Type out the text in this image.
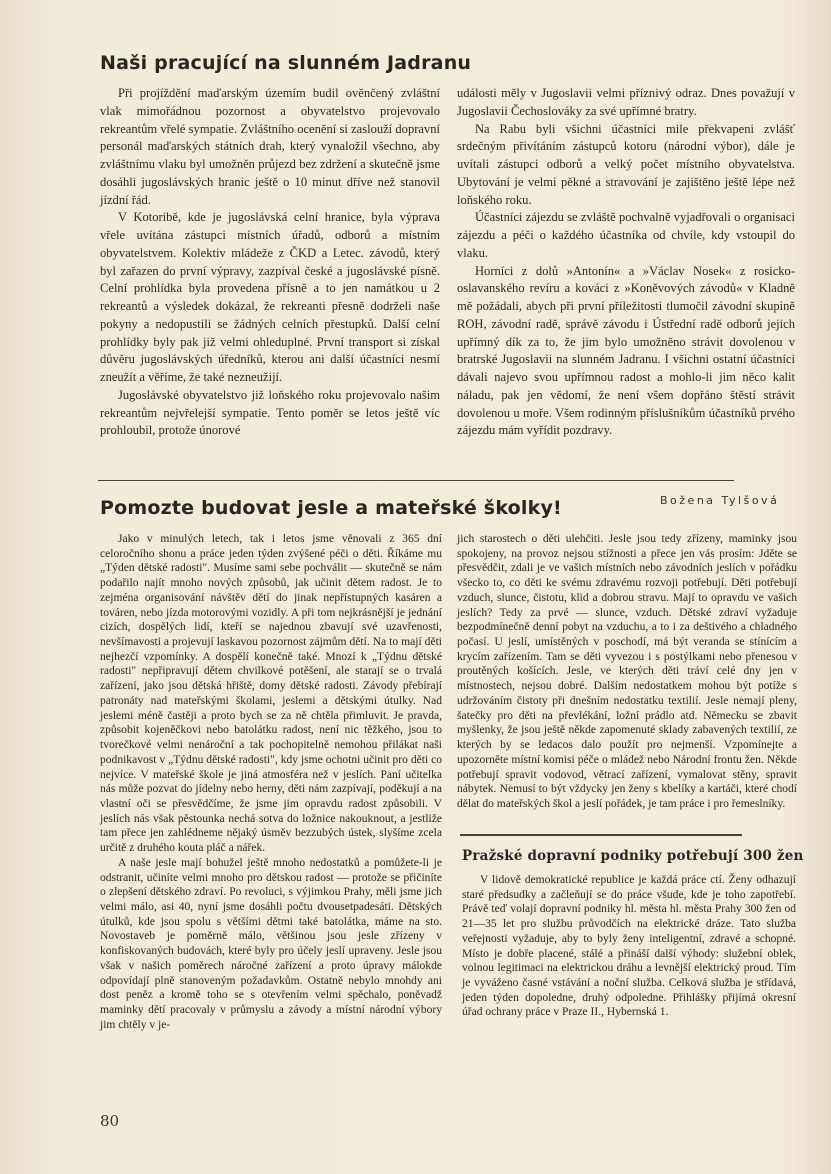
Naši pracující na slunném Jadranu

Při projíždění maďarským územím budil ověnčený zvláštní vlak mimořádnou pozornost a obyvatelstvo projevovalo rekreantům vřelé sympatie. Zvláštního ocenění si zaslouží dopravní personál maďarských státních drah, který vynaložil všechno, aby zvláštnímu vlaku byl umožněn průjezd bez zdržení a skutečně jsme dosáhli jugoslávských hranic ještě o 10 minut dříve než stanovil jízdní řád.

V Kotoribě, kde je jugoslávská celní hranice, byla výprava vřele uvítána zástupci místních úřadů, odborů a místním obyvatelstvem. Kolektiv mládeže z ČKD a Letec. závodů, který byl zařazen do první výpravy, zazpíval české a jugoslávské písně. Celní prohlídka byla provedena přísně a to jen namátkou u 2 rekreantů a výsledek dokázal, že rekreanti přesně dodrželi naše pokyny a nedopustili se žádných celních přestupků. Další celní prohlídky byly pak již velmi ohleduplné. První transport si získal důvěru jugoslávských úředníků, kterou ani další účastníci nesmí zneužít a věříme, že také nezneužijí.

Jugoslávské obyvatelstvo již loňského roku projevovalo našim rekreantům nejvřelejší sympatie. Tento poměr se letos ještě víc prohloubil, protože únorové

události měly v Jugoslavii velmi příznivý odraz. Dnes považují v Jugoslavii Čechoslováky za své upřímné bratry.

Na Rabu byli všichni účastníci mile překvapeni zvlášť srdečným přivítáním zástupců kotoru (národní výbor), dále je uvítali zástupci odborů a velký počet místního obyvatelstva. Ubytování je velmi pěkné a stravování je zajištěno ještě lépe než loňského roku.

Účastníci zájezdu se zvláště pochvalně vyjadřovali o organisaci zájezdu a péči o každého účastníka od chvíle, kdy vstoupil do vlaku.

Horníci z dolů »Antonín« a »Václav Nosek« z rosicko-oslavanského revíru a kováci z »Koněvových závodů« v Kladně mě požádali, abych při první příležitosti tlumočil závodní skupině ROH, závodní radě, správě závodu i Ústřední radě odborů jejich upřímný dík za to, že jim bylo umožněno strávit dovolenou v bratrské Jugoslavii na slunném Jadranu. I všichni ostatní účastníci dávali najevo svou upřímnou radost a mohlo-li jim něco kalit náladu, pak jen vědomí, že není všem dopřáno štěstí strávit dovolenou u moře. Všem rodinným příslušníkům účastníků prvého zájezdu mám vyřídit pozdravy.

Pomozte budovat jesle a mateřské školky!	Božena Tylšová

Jako v minulých letech, tak i letos jsme věnovali z 365 dní celoročního shonu a práce jeden týden zvýšené péči o děti. Říkáme mu „Týden dětské radosti". Musíme sami sebe pochválit — skutečně se nám podařilo najít mnoho nových způsobů, jak učinit dětem radost. Je to zejména organisování návštěv dětí do jinak nepřístupných kasáren a továren, nebo jízda motorovými vozidly. A při tom nejkrásnější je jednání cizích, dospělých lidí, kteří se najednou zbavují své uzavřenosti, nevšímavosti a projevují laskavou pozornost zájmům dětí. Na to mají děti nejhezčí vzpomínky. A dospělí konečně také. Mnozí k „Týdnu dětské radosti" nepřipravují dětem chvilkové potěšení, ale starají se o trvalá zařízení, jako jsou dětská hřiště, domy dětské radosti. Závody přebírají patronáty nad mateřskými školami, jeslemi a dětskými útulky. Nad jeslemi méně častěji a proto bych se za ně chtěla přimluvit. Je pravda, způsobit kojeněčkovi nebo batolátku radost, není nic těžkého, jsou to tvorečkové velmi nenároční a tak pochopitelně nemohou přilákat naši podnikavost v „Týdnu dětské radosti", kdy jsme ochotni učinit pro děti co nejvíce. V mateřské škole je jiná atmosféra než v jeslích. Paní učitelka nás může pozvat do jídelny nebo herny, děti nám zazpívají, poděkují a na vlastní oči se přesvědčíme, že jsme jim opravdu radost způsobili. V jeslích nás však pěstounka nechá sotva do ložnice nakouknout, a jestliže tam přece jen zahlédneme nějaký úsměv bezzubých ústek, slyšíme zcela určitě z druhého kouta pláč a nářek.

A naše jesle mají bohužel ještě mnoho nedostatků a pomůžete-li je odstranit, učiníte velmi mnoho pro dětskou radost — protože se přičiníte o zlepšení dětského zdraví. Po revoluci, s výjimkou Prahy, měli jsme jich velmi málo, asi 40, nyní jsme dosáhli počtu dvousetpadesáti. Dětských útulků, kde jsou spolu s většími dětmi také batolátka, máme na sto. Novostaveb je poměrně málo, většinou jsou jesle zřízeny v konfiskovaných budovách, které byly pro účely jeslí upraveny. Jesle jsou však v našich poměrech náročné zařízení a proto úpravy málokde odpovídají plně stanoveným požadavkům. Ostatně nebylo mnohdy ani dost peněz a kromě toho se s otevřením velmi spěchalo, poněvadž maminky dětí pracovaly v průmyslu a závody a místní národní výbory jim chtěly v je-

jich starostech o děti ulehčiti. Jesle jsou tedy zřízeny, maminky jsou spokojeny, na provoz nejsou stížnosti a přece jen vás prosím: Jděte se přesvědčit, zdali je ve vašich místních nebo závodních jeslích v pořádku všecko to, co děti ke svému zdravému rozvoji potřebují. Děti potřebují vzduch, slunce, čistotu, klid a dobrou stravu. Mají to opravdu ve vašich jeslích? Tedy za prvé — slunce, vzduch. Dětské zdraví vyžaduje bezpodmínečně denní pobyt na vzduchu, a to i za deštivého a chladného počasí. U jeslí, umístěných v poschodí, má být veranda se stínícím a krycím zařízením. Tam se děti vyvezou i s postýlkami nebo přenesou v proutěných košících. Jesle, ve kterých děti tráví celé dny jen v místnostech, nejsou dobré. Dalším nedostatkem mohou být potíže s udržováním čistoty při dnešním nedostatku textilií. Jesle nemají pleny, šatečky pro děti na převlékání, ložní prádlo atd. Německu se zbavit myšlenky, že jsou ještě někde zapomenuté sklady zabavených textilií, ze kterých by se ledacos dalo použít pro nejmenší. Vzpomínejte a upozorněte místní komisi péče o mládež nebo Národní frontu žen. Někde potřebují spravit vodovod, větrací zařízení, vymalovat stěny, spravit nábytek. Nemusí to být vždycky jen ženy s kbelíky a kartáči, které chodí dělat do mateřských škol a jeslí pořádek, je tam práce i pro řemeslníky.

Pražské dopravní podniky potřebují 300 žen

V lidově demokratické republice je každá práce ctí. Ženy odhazují staré předsudky a začleňují se do práce všude, kde je toho zapotřebí. Právě teď volají dopravní podniky hl. města hl. města Prahy 300 žen od 21—35 let pro službu průvodčích na elektrické dráze. Tato služba veřejnosti vyžaduje, aby to byly ženy inteligentní, zdravé a schopné. Místo je dobře placené, stálé a přináší další výhody: služební oblek, volnou legitimaci na elektrickou dráhu a levnější elektrický proud. Tím je vyváženo časné vstávání a noční služba. Celková služba je střídavá, jeden týden dopoledne, druhý odpoledne. Přihlášky přijímá okresní úřad ochrany práce v Praze II., Hybernská 1.

80
